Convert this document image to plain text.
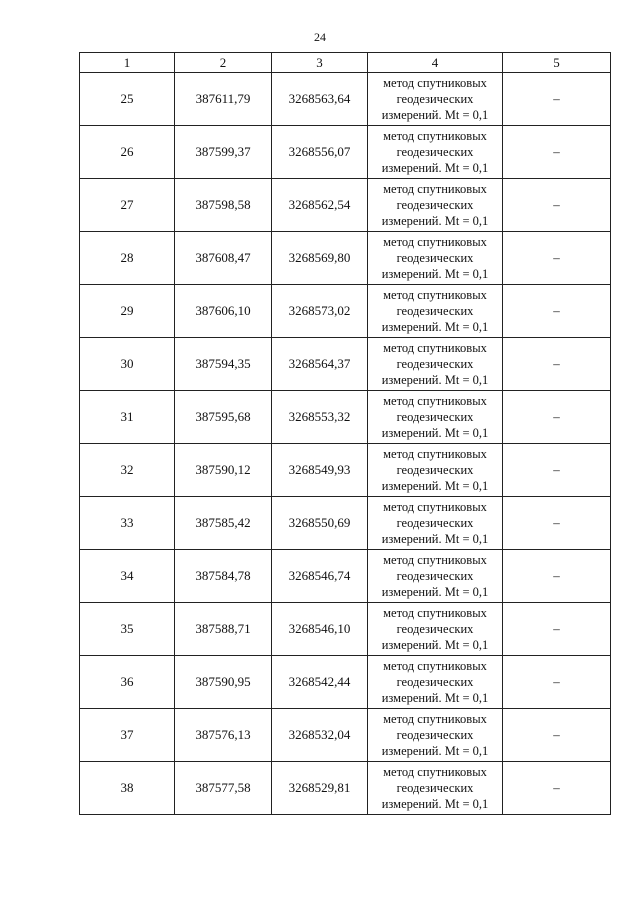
24
1	2	3	4	5
25	387611,79	3268563,64	метод спутниковых
геодезических
измерений. Mt = 0,1	–
26	387599,37	3268556,07	метод спутниковых
геодезических
измерений. Mt = 0,1	–
27	387598,58	3268562,54	метод спутниковых
геодезических
измерений. Mt = 0,1	–
28	387608,47	3268569,80	метод спутниковых
геодезических
измерений. Mt = 0,1	–
29	387606,10	3268573,02	метод спутниковых
геодезических
измерений. Mt = 0,1	–
30	387594,35	3268564,37	метод спутниковых
геодезических
измерений. Mt = 0,1	–
31	387595,68	3268553,32	метод спутниковых
геодезических
измерений. Mt = 0,1	–
32	387590,12	3268549,93	метод спутниковых
геодезических
измерений. Mt = 0,1	–
33	387585,42	3268550,69	метод спутниковых
геодезических
измерений. Mt = 0,1	–
34	387584,78	3268546,74	метод спутниковых
геодезических
измерений. Mt = 0,1	–
35	387588,71	3268546,10	метод спутниковых
геодезических
измерений. Mt = 0,1	–
36	387590,95	3268542,44	метод спутниковых
геодезических
измерений. Mt = 0,1	–
37	387576,13	3268532,04	метод спутниковых
геодезических
измерений. Mt = 0,1	–
38	387577,58	3268529,81	метод спутниковых
геодезических
измерений. Mt = 0,1	–
